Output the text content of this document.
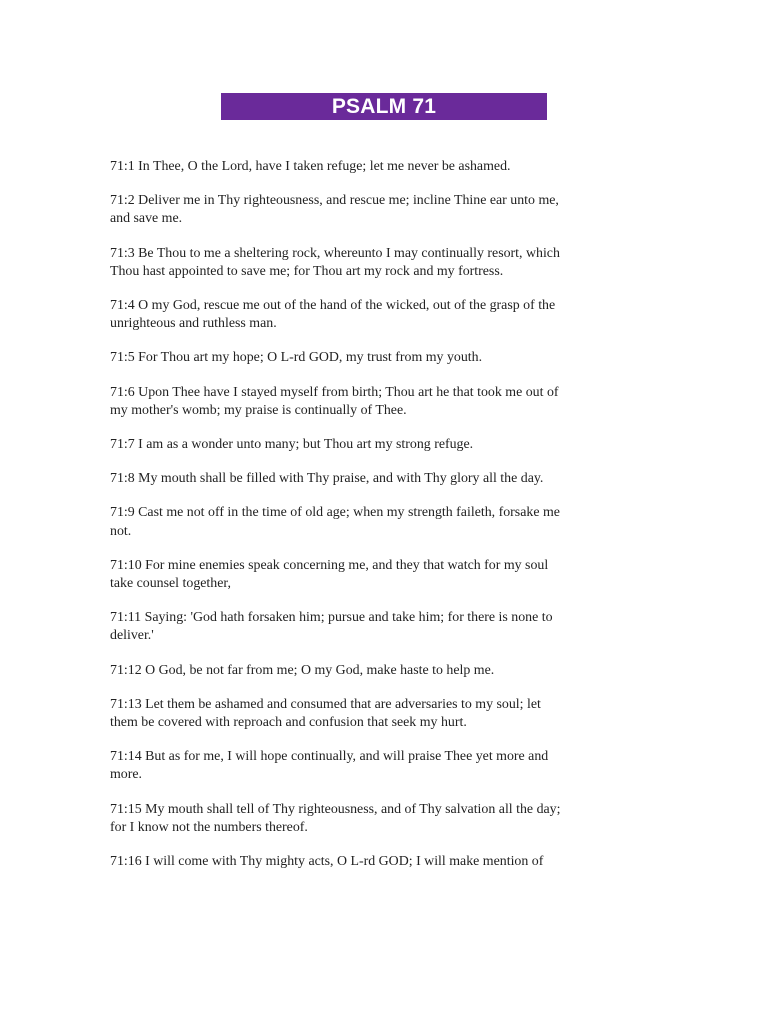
PSALM 71

71:1 In Thee, O the Lord, have I taken refuge; let me never be ashamed.

71:2 Deliver me in Thy righteousness, and rescue me; incline Thine ear unto me,
and save me.

71:3 Be Thou to me a sheltering rock, whereunto I may continually resort, which
Thou hast appointed to save me; for Thou art my rock and my fortress.

71:4 O my God, rescue me out of the hand of the wicked, out of the grasp of the
unrighteous and ruthless man.

71:5 For Thou art my hope; O L-rd GOD, my trust from my youth.

71:6 Upon Thee have I stayed myself from birth; Thou art he that took me out of
my mother's womb; my praise is continually of Thee.

71:7 I am as a wonder unto many; but Thou art my strong refuge.

71:8 My mouth shall be filled with Thy praise, and with Thy glory all the day.

71:9 Cast me not off in the time of old age; when my strength faileth, forsake me
not.

71:10 For mine enemies speak concerning me, and they that watch for my soul
take counsel together,

71:11 Saying: 'God hath forsaken him; pursue and take him; for there is none to
deliver.'

71:12 O God, be not far from me; O my God, make haste to help me.

71:13 Let them be ashamed and consumed that are adversaries to my soul; let
them be covered with reproach and confusion that seek my hurt.

71:14 But as for me, I will hope continually, and will praise Thee yet more and
more.

71:15 My mouth shall tell of Thy righteousness, and of Thy salvation all the day;
for I know not the numbers thereof.

71:16 I will come with Thy mighty acts, O L-rd GOD; I will make mention of
